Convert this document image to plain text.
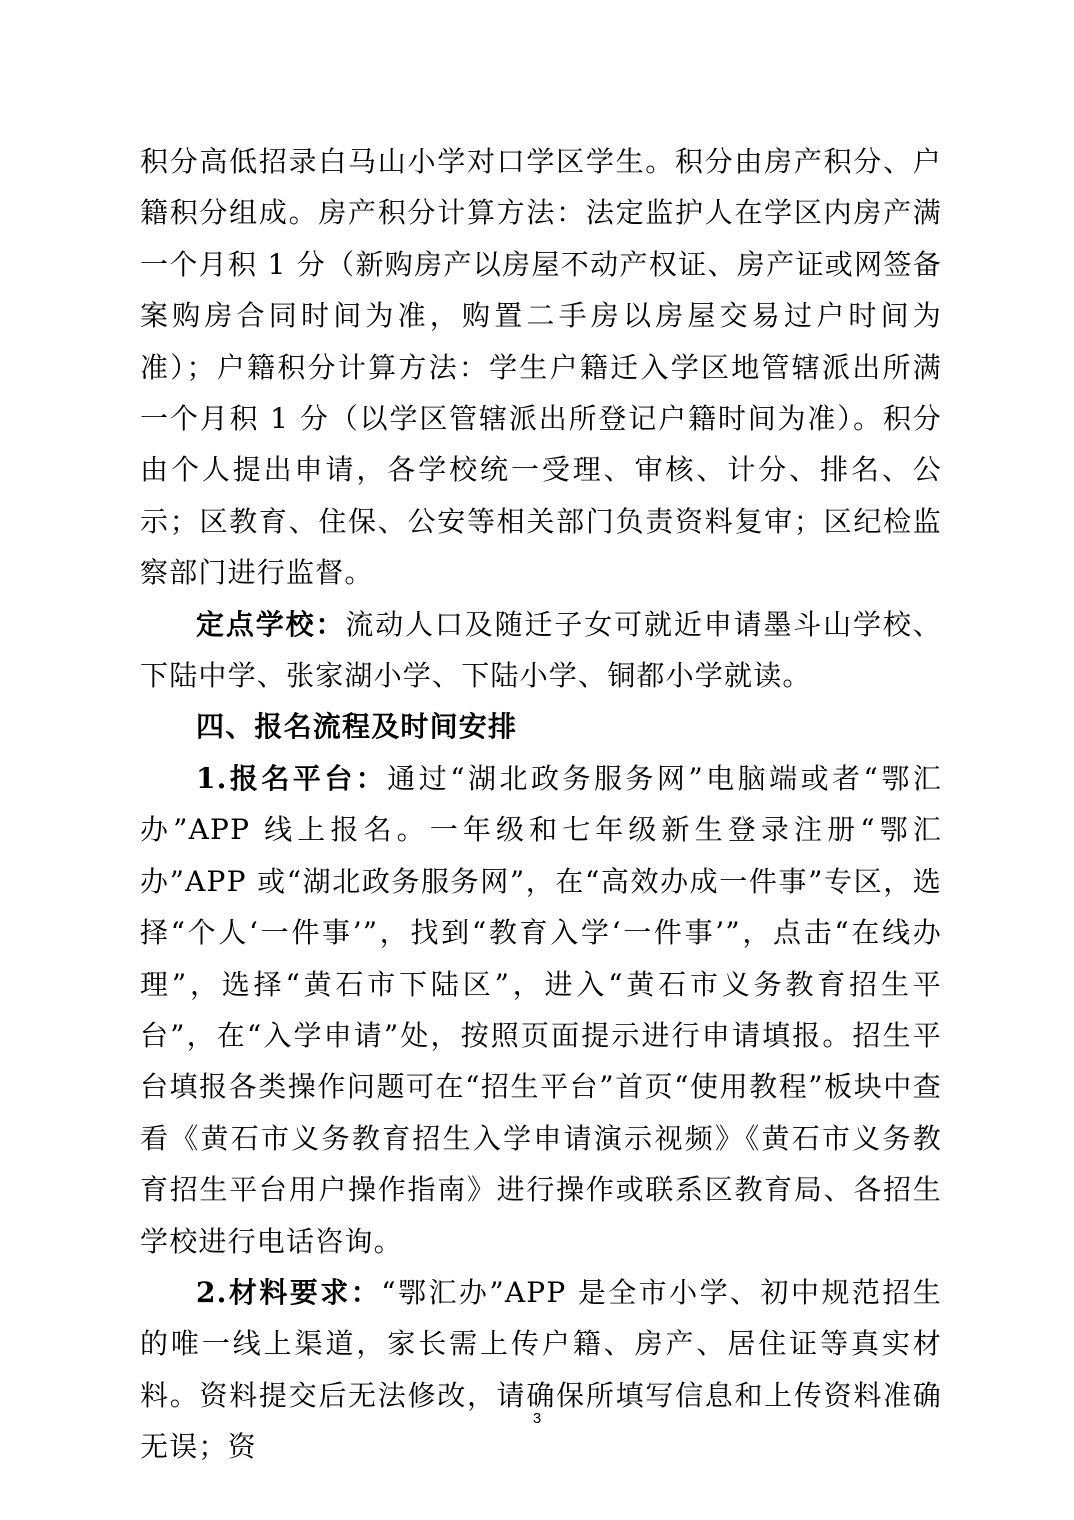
积分高低招录白马山小学对口学区学生。积分由房产积分、户籍积分组成。房产积分计算方法：法定监护人在学区内房产满一个月积 1 分（新购房产以房屋不动产权证、房产证或网签备案购房合同时间为准，购置二手房以房屋交易过户时间为准）；户籍积分计算方法：学生户籍迁入学区地管辖派出所满一个月积 1 分（以学区管辖派出所登记户籍时间为准）。积分由个人提出申请，各学校统一受理、审核、计分、排名、公示；区教育、住保、公安等相关部门负责资料复审；区纪检监察部门进行监督。

定点学校：流动人口及随迁子女可就近申请墨斗山学校、下陆中学、张家湖小学、下陆小学、铜都小学就读。

四、报名流程及时间安排

1.报名平台：通过“湖北政务服务网”电脑端或者“鄂汇办”APP 线上报名。一年级和七年级新生登录注册“鄂汇办”APP 或“湖北政务服务网”，在“高效办成一件事”专区，选择“个人‘一件事’”，找到“教育入学‘一件事’”，点击“在线办理”，选择“黄石市下陆区”，进入“黄石市义务教育招生平台”，在“入学申请”处，按照页面提示进行申请填报。招生平台填报各类操作问题可在“招生平台”首页“使用教程”板块中查看《黄石市义务教育招生入学申请演示视频》《黄石市义务教育招生平台用户操作指南》进行操作或联系区教育局、各招生学校进行电话咨询。

2.材料要求：“鄂汇办”APP 是全市小学、初中规范招生的唯一线上渠道，家长需上传户籍、房产、居住证等真实材料。资料提交后无法修改，请确保所填写信息和上传资料准确无误；资

3
